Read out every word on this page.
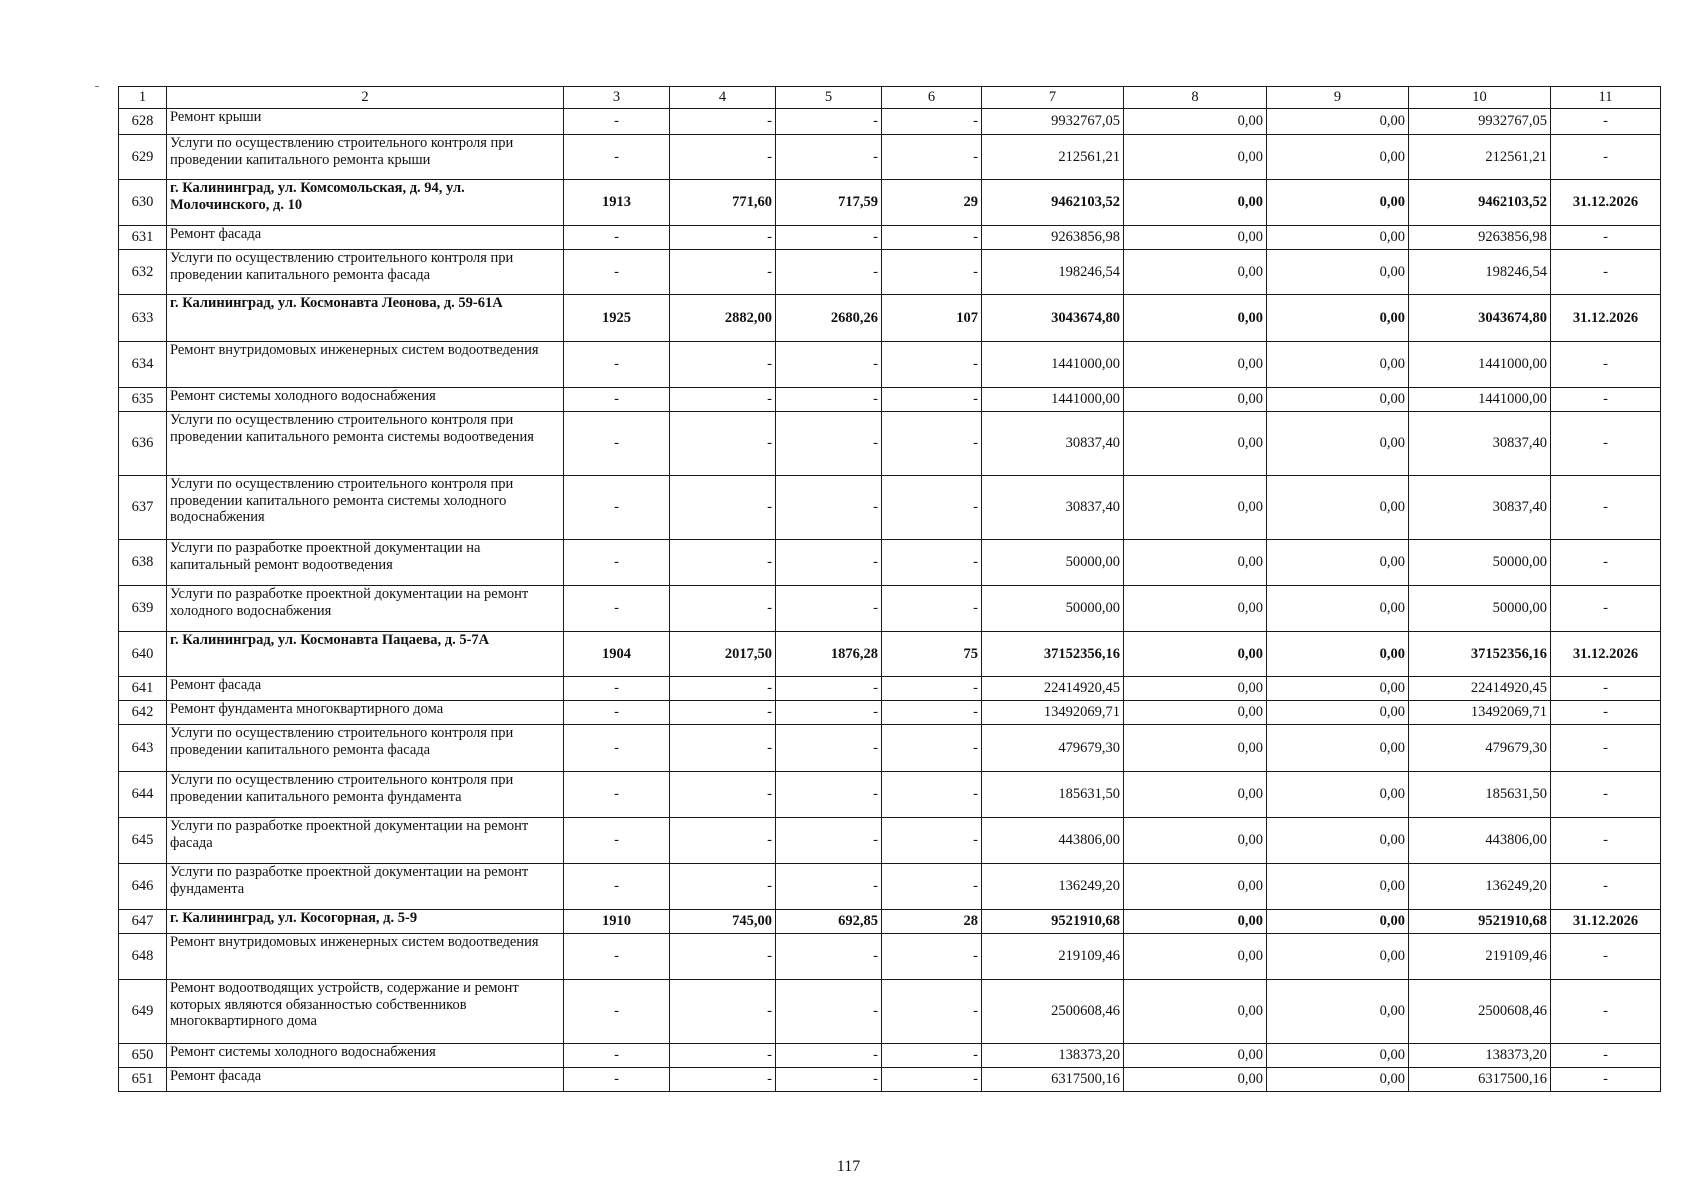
1	2	3	4	5	6	7	8	9	10	11
628	Ремонт крыши	-	-	-	-	9932767,05	0,00	0,00	9932767,05	-
629	Услуги по осуществлению строительного контроля при проведении капитального ремонта крыши	-	-	-	-	212561,21	0,00	0,00	212561,21	-
630	г. Калининград, ул. Комсомольская, д. 94, ул. Молочинского, д. 10	1913	771,60	717,59	29	9462103,52	0,00	0,00	9462103,52	31.12.2026
631	Ремонт фасада	-	-	-	-	9263856,98	0,00	0,00	9263856,98	-
632	Услуги по осуществлению строительного контроля при проведении капитального ремонта фасада	-	-	-	-	198246,54	0,00	0,00	198246,54	-
633	г. Калининград, ул. Космонавта Леонова, д. 59-61А	1925	2882,00	2680,26	107	3043674,80	0,00	0,00	3043674,80	31.12.2026
634	Ремонт внутридомовых инженерных систем водоотведения	-	-	-	-	1441000,00	0,00	0,00	1441000,00	-
635	Ремонт системы холодного водоснабжения	-	-	-	-	1441000,00	0,00	0,00	1441000,00	-
636	Услуги по осуществлению строительного контроля при проведении капитального ремонта системы водоотведения	-	-	-	-	30837,40	0,00	0,00	30837,40	-
637	Услуги по осуществлению строительного контроля при проведении капитального ремонта системы холодного водоснабжения	-	-	-	-	30837,40	0,00	0,00	30837,40	-
638	Услуги по разработке проектной документации на капитальный ремонт водоотведения	-	-	-	-	50000,00	0,00	0,00	50000,00	-
639	Услуги по разработке проектной документации на ремонт холодного водоснабжения	-	-	-	-	50000,00	0,00	0,00	50000,00	-
640	г. Калининград, ул. Космонавта Пацаева, д. 5-7А	1904	2017,50	1876,28	75	37152356,16	0,00	0,00	37152356,16	31.12.2026
641	Ремонт фасада	-	-	-	-	22414920,45	0,00	0,00	22414920,45	-
642	Ремонт фундамента многоквартирного дома	-	-	-	-	13492069,71	0,00	0,00	13492069,71	-
643	Услуги по осуществлению строительного контроля при проведении капитального ремонта фасада	-	-	-	-	479679,30	0,00	0,00	479679,30	-
644	Услуги по осуществлению строительного контроля при проведении капитального ремонта фундамента	-	-	-	-	185631,50	0,00	0,00	185631,50	-
645	Услуги по разработке проектной документации на ремонт фасада	-	-	-	-	443806,00	0,00	0,00	443806,00	-
646	Услуги по разработке проектной документации на ремонт фундамента	-	-	-	-	136249,20	0,00	0,00	136249,20	-
647	г. Калининград, ул. Косогорная, д. 5-9	1910	745,00	692,85	28	9521910,68	0,00	0,00	9521910,68	31.12.2026
648	Ремонт внутридомовых инженерных систем водоотведения	-	-	-	-	219109,46	0,00	0,00	219109,46	-
649	Ремонт водоотводящих устройств, содержание и ремонт которых являются обязанностью собственников многоквартирного дома	-	-	-	-	2500608,46	0,00	0,00	2500608,46	-
650	Ремонт системы холодного водоснабжения	-	-	-	-	138373,20	0,00	0,00	138373,20	-
651	Ремонт фасада	-	-	-	-	6317500,16	0,00	0,00	6317500,16	-
117
